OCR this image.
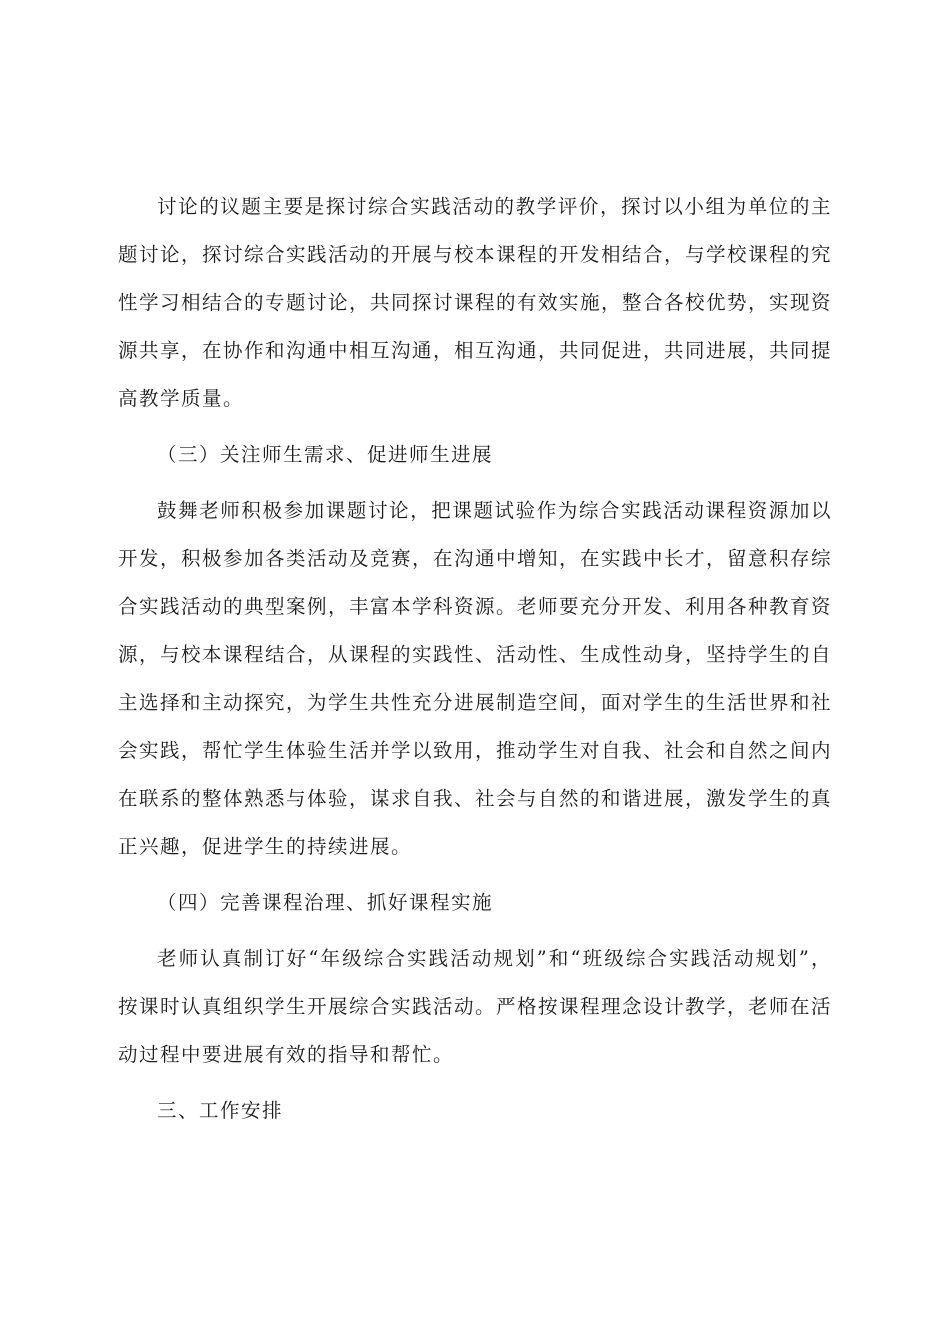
讨论的议题主要是探讨综合实践活动的教学评价，探讨以小组为单位的主题讨论，探讨综合实践活动的开展与校本课程的开发相结合，与学校课程的究性学习相结合的专题讨论，共同探讨课程的有效实施，整合各校优势，实现资源共享，在协作和沟通中相互沟通，相互沟通，共同促进，共同进展，共同提高教学质量。

（三）关注师生需求、促进师生进展

鼓舞老师积极参加课题讨论，把课题试验作为综合实践活动课程资源加以开发，积极参加各类活动及竞赛，在沟通中增知，在实践中长才，留意积存综合实践活动的典型案例，丰富本学科资源。老师要充分开发、利用各种教育资源，与校本课程结合，从课程的实践性、活动性、生成性动身，坚持学生的自主选择和主动探究，为学生共性充分进展制造空间，面对学生的生活世界和社会实践，帮忙学生体验生活并学以致用，推动学生对自我、社会和自然之间内在联系的整体熟悉与体验，谋求自我、社会与自然的和谐进展，激发学生的真正兴趣，促进学生的持续进展。

（四）完善课程治理、抓好课程实施

老师认真制订好“年级综合实践活动规划”和“班级综合实践活动规划”，按课时认真组织学生开展综合实践活动。严格按课程理念设计教学，老师在活动过程中要进展有效的指导和帮忙。

三、工作安排
